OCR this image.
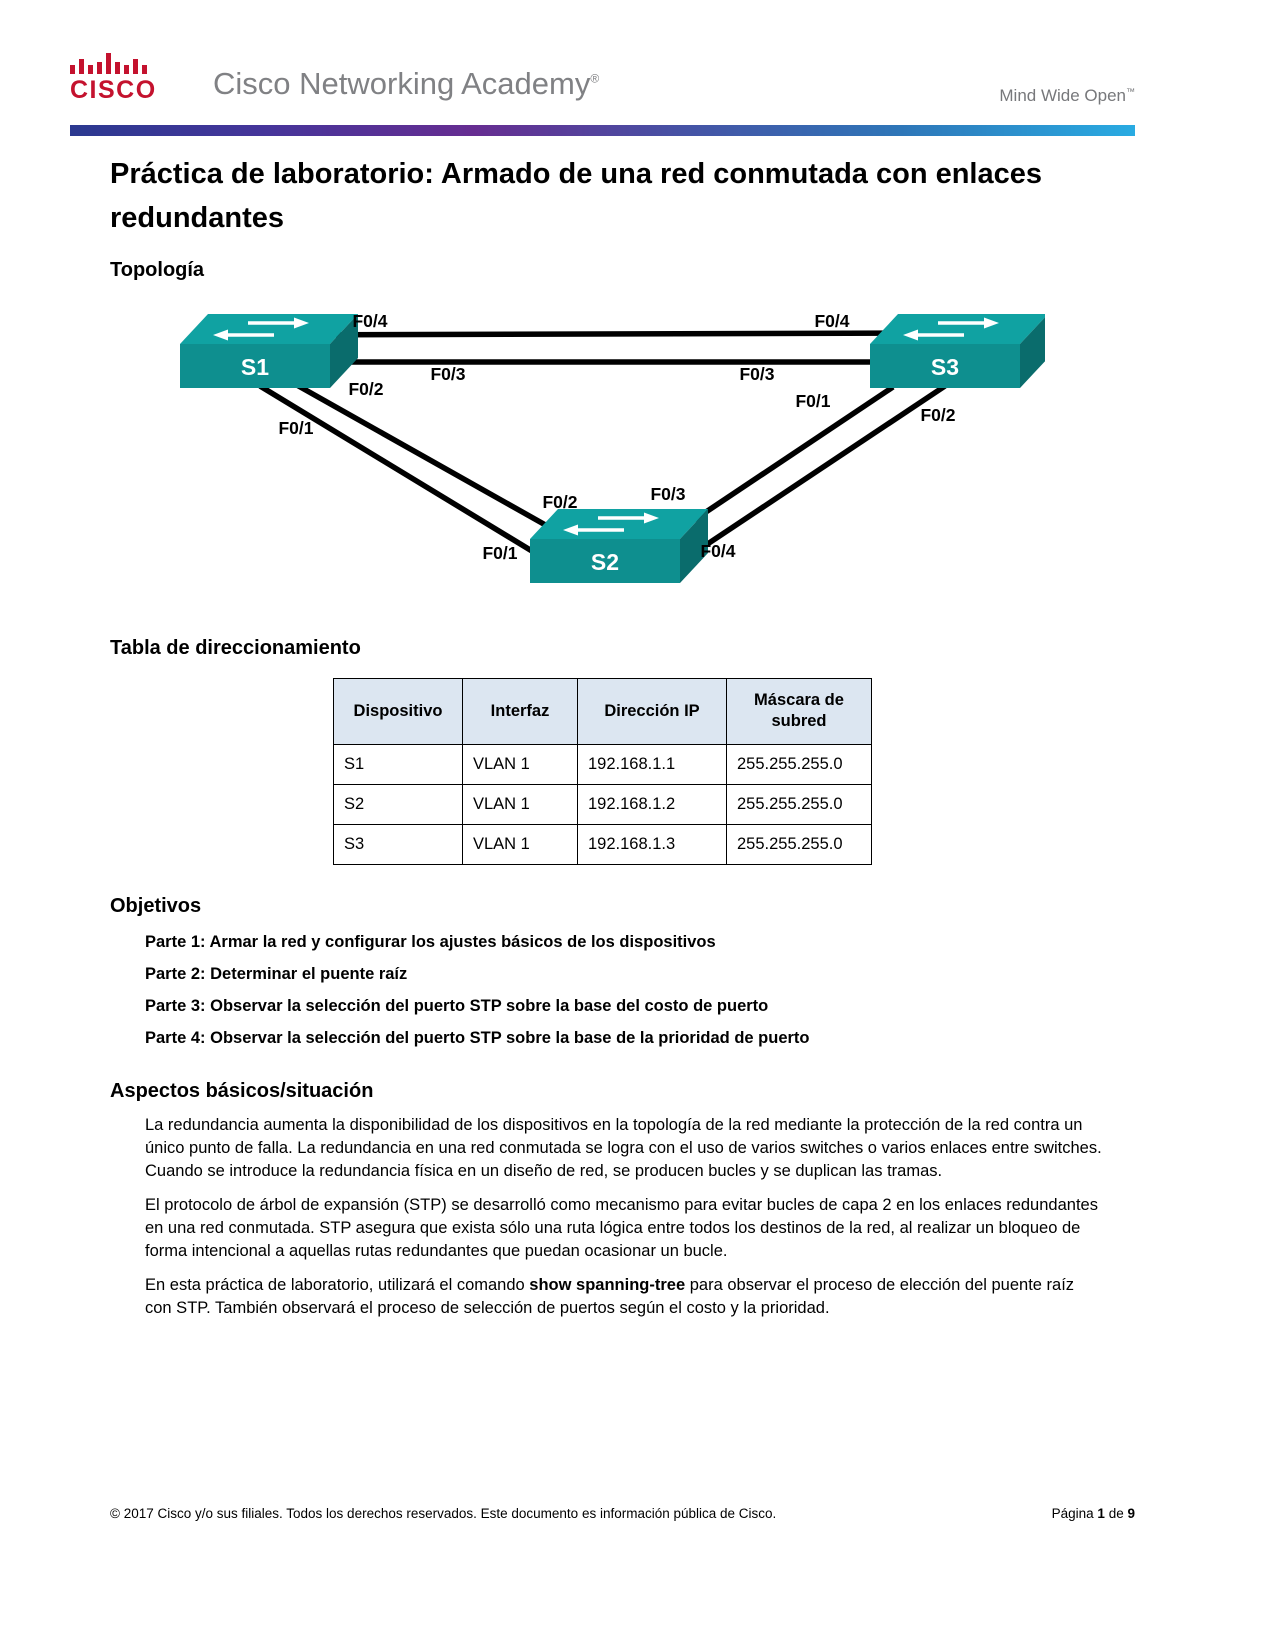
CISCO Cisco Networking Academy®
Mind Wide Open™
Práctica de laboratorio: Armado de una red conmutada con enlaces redundantes
Topología
S1	S3
S2
F0/4	F0/4
F0/3	F0/3
F0/2
F0/1
F0/1
F0/2
F0/2	F0/3
F0/1	F0/4
Tabla de direccionamiento
Dispositivo	Interfaz	Dirección IP	Máscara de subred
S1	VLAN 1	192.168.1.1	255.255.255.0
S2	VLAN 1	192.168.1.2	255.255.255.0
S3	VLAN 1	192.168.1.3	255.255.255.0
Objetivos

Parte 1: Armar la red y configurar los ajustes básicos de los dispositivos

Parte 2: Determinar el puente raíz

Parte 3: Observar la selección del puerto STP sobre la base del costo de puerto

Parte 4: Observar la selección del puerto STP sobre la base de la prioridad de puerto

Aspectos básicos/situación

La redundancia aumenta la disponibilidad de los dispositivos en la topología de la red mediante la protección de la red contra un único punto de falla. La redundancia en una red conmutada se logra con el uso de varios switches o varios enlaces entre switches. Cuando se introduce la redundancia física en un diseño de red, se producen bucles y se duplican las tramas.

El protocolo de árbol de expansión (STP) se desarrolló como mecanismo para evitar bucles de capa 2 en los enlaces redundantes en una red conmutada. STP asegura que exista sólo una ruta lógica entre todos los destinos de la red, al realizar un bloqueo de forma intencional a aquellas rutas redundantes que puedan ocasionar un bucle.

En esta práctica de laboratorio, utilizará el comando show spanning-tree para observar el proceso de elección del puente raíz con STP. También observará el proceso de selección de puertos según el costo y la prioridad.

© 2017 Cisco y/o sus filiales. Todos los derechos reservados. Este documento es información pública de Cisco.	Página 1 de 9
